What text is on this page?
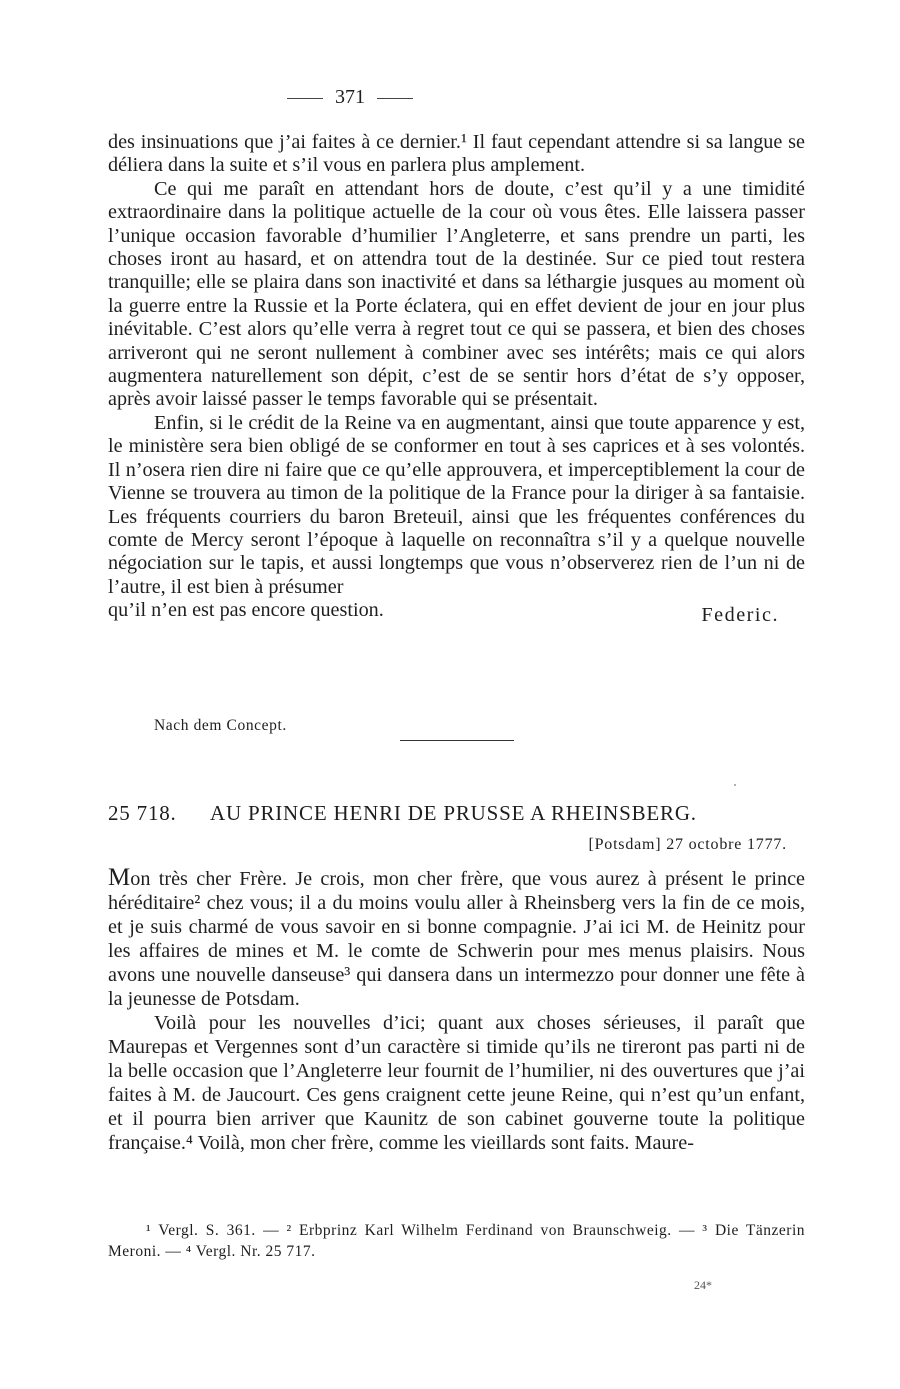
371

des insinuations que j’ai faites à ce dernier.¹ Il faut cependant attendre si sa langue se déliera dans la suite et s’il vous en parlera plus amplement.

Ce qui me paraît en attendant hors de doute, c’est qu’il y a une timidité extraordinaire dans la politique actuelle de la cour où vous êtes. Elle laissera passer l’unique occasion favorable d’humilier l’Angleterre, et sans prendre un parti, les choses iront au hasard, et on attendra tout de la destinée. Sur ce pied tout restera tranquille; elle se plaira dans son inactivité et dans sa léthargie jusques au moment où la guerre entre la Russie et la Porte éclatera, qui en effet devient de jour en jour plus inévitable. C’est alors qu’elle verra à regret tout ce qui se passera, et bien des choses arriveront qui ne seront nullement à combiner avec ses intérêts; mais ce qui alors augmentera naturellement son dépit, c’est de se sentir hors d’état de s’y opposer, après avoir laissé passer le temps favorable qui se présentait.

Enfin, si le crédit de la Reine va en augmentant, ainsi que toute apparence y est, le ministère sera bien obligé de se conformer en tout à ses caprices et à ses volontés. Il n’osera rien dire ni faire que ce qu’elle approuvera, et imperceptiblement la cour de Vienne se trouvera au timon de la politique de la France pour la diriger à sa fantaisie. Les fréquents courriers du baron Breteuil, ainsi que les fréquentes conférences du comte de Mercy seront l’époque à laquelle on reconnaîtra s’il y a quelque nouvelle négociation sur le tapis, et aussi longtemps que vous n’observerez rien de l’un ni de l’autre, il est bien à présumer

qu’il n’en est pas encore question.	Federic.
Nach dem Concept.
25 718. AU PRINCE HENRI DE PRUSSE A RHEINSBERG.
[Potsdam] 27 octobre 1777.

Mon très cher Frère. Je crois, mon cher frère, que vous aurez à présent le prince héréditaire² chez vous; il a du moins voulu aller à Rheinsberg vers la fin de ce mois, et je suis charmé de vous savoir en si bonne compagnie. J’ai ici M. de Heinitz pour les affaires de mines et M. le comte de Schwerin pour mes menus plaisirs. Nous avons une nouvelle danseuse³ qui dansera dans un intermezzo pour donner une fête à la jeunesse de Potsdam.

Voilà pour les nouvelles d’ici; quant aux choses sérieuses, il paraît que Maurepas et Vergennes sont d’un caractère si timide qu’ils ne tireront pas parti ni de la belle occasion que l’Angleterre leur fournit de l’humilier, ni des ouvertures que j’ai faites à M. de Jaucourt. Ces gens craignent cette jeune Reine, qui n’est qu’un enfant, et il pourra bien arriver que Kaunitz de son cabinet gouverne toute la politique française.⁴ Voilà, mon cher frère, comme les vieillards sont faits. Maure-

¹ Vergl. S. 361. — ² Erbprinz Karl Wilhelm Ferdinand von Braunschweig. — ³ Die Tänzerin Meroni. — ⁴ Vergl. Nr. 25 717.

24*
